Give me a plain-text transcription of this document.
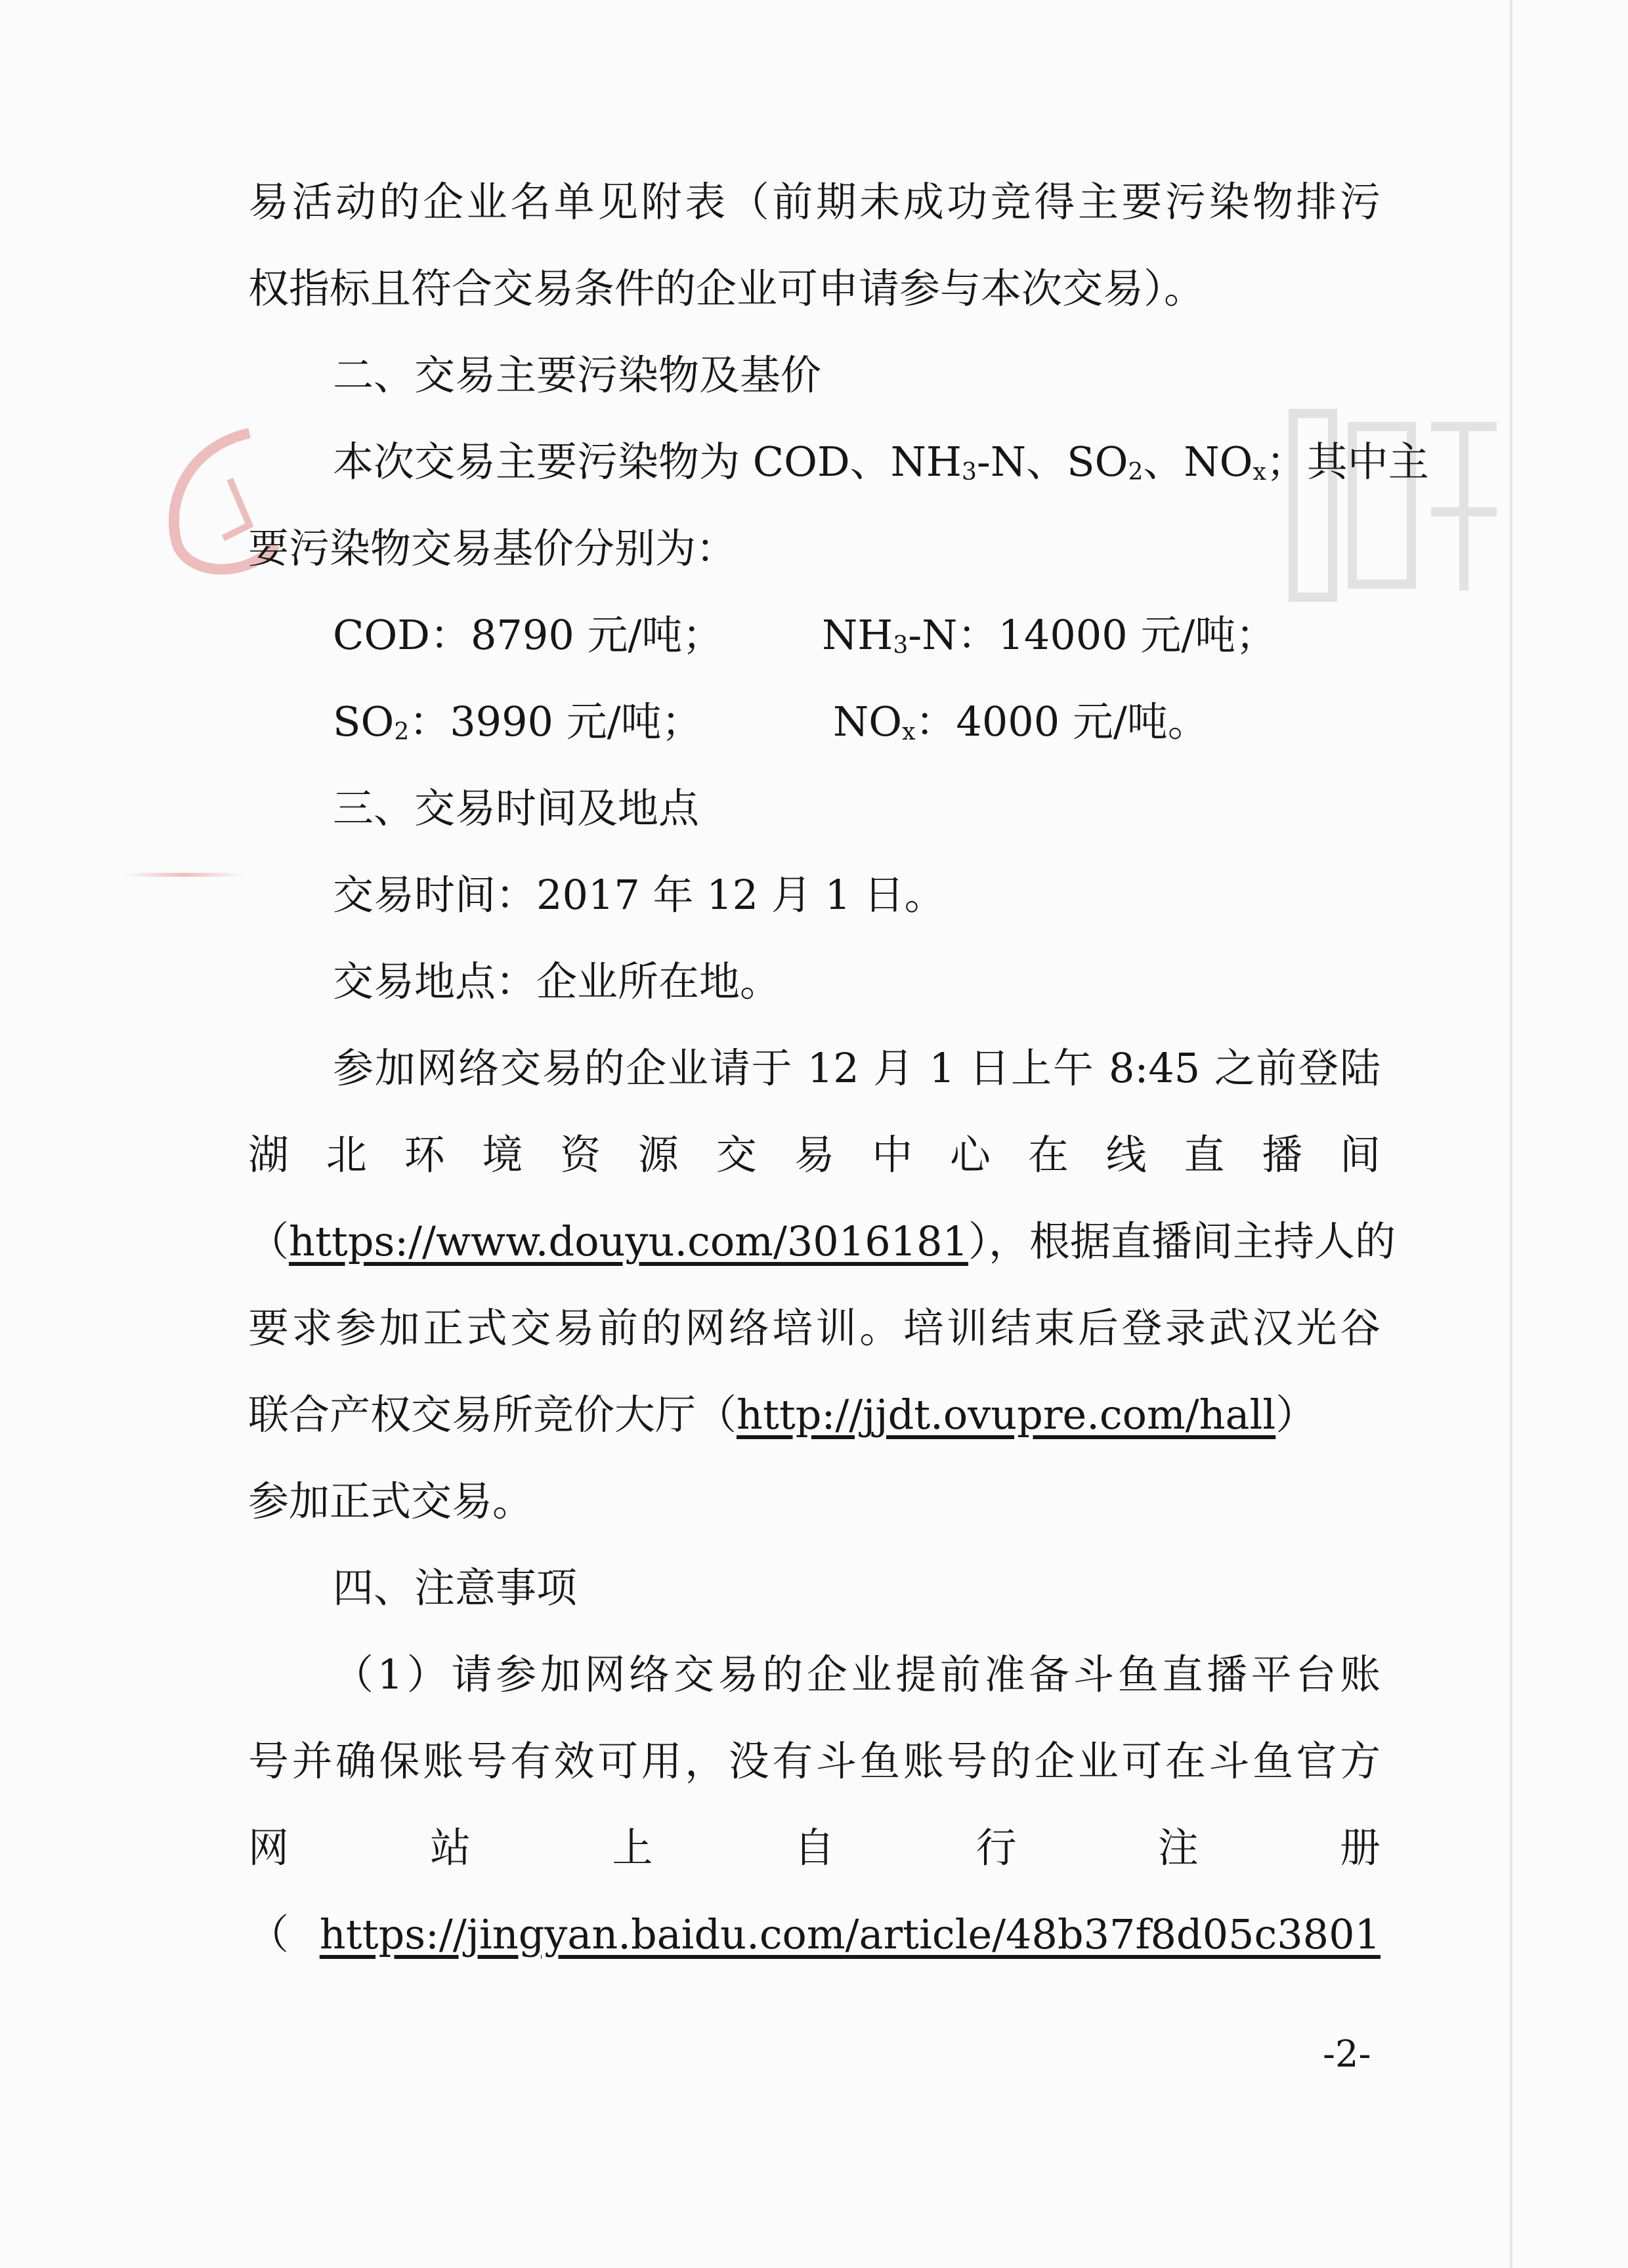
易活动的企业名单见附表（前期未成功竞得主要污染物排污
权指标且符合交易条件的企业可申请参与本次交易）。
二、交易主要污染物及基价
本次交易主要污染物为 COD、$NH_3-N$、$SO_2$、$NO_x$；其中主
要污染物交易基价分别为：
COD：8790 元/吨； $NH_3-N$：14000 元/吨；
$SO_2$：3990 元/吨；	$NO_x$：4000 元/吨。
三、交易时间及地点
交易时间：2017 年 12 月 1 日。
交易地点：企业所在地。
参加网络交易的企业请于 12 月 1 日上午 8:45 之前登陆
湖 北 环 境 资 源 交 易 中 心 在 线 直 播 间
（https://www.douyu.com/3016181），根据直播间主持人的
要求参加正式交易前的网络培训。培训结束后登录武汉光谷
联合产权交易所竞价大厅（http://jjdt.ovupre.com/hall）
参加正式交易。
四、注意事项
（1）请参加网络交易的企业提前准备斗鱼直播平台账
号并确保账号有效可用，没有斗鱼账号的企业可在斗鱼官方
网	站	上	自	行	注	册
（ https://jingyan.baidu.com/article/48b37f8d05c3801
-2-
